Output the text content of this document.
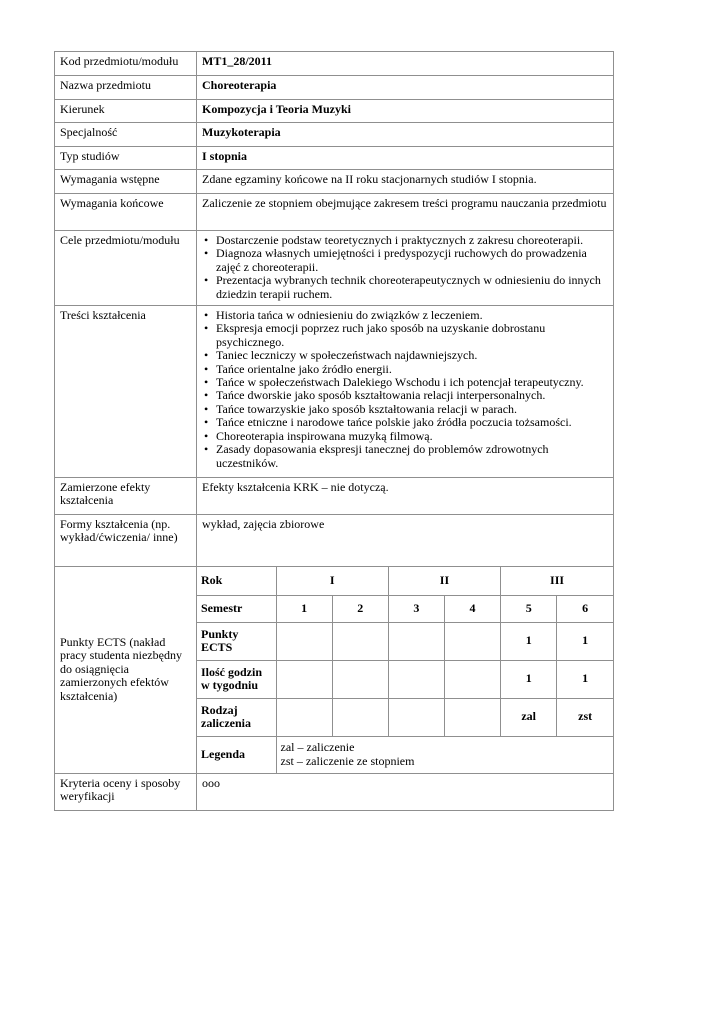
Kod przedmiotu/modułu	MT1_28/2011
Nazwa przedmiotu	Choreoterapia
Kierunek	Kompozycja i Teoria Muzyki
Specjalność	Muzykoterapia
Typ studiów	I stopnia
Wymagania wstępne	Zdane egzaminy końcowe na II roku stacjonarnych studiów I stopnia.
Wymagania końcowe	Zaliczenie ze stopniem obejmujące zakresem treści programu nauczania przedmiotu
Cele przedmiotu/modułu	
•Dostarczenie podstaw teoretycznych i praktycznych z zakresu choreoterapii.
• Diagnoza własnych umiejętności i predyspozycji ruchowych do prowadzenia zajęć z choreoterapii.
• Prezentacja wybranych technik choreoterapeutycznych w odniesieniu do innych dziedzin terapii ruchem.

Treści kształcenia	
•Historia tańca w odniesieniu do związków z leczeniem.
• Ekspresja emocji poprzez ruch jako sposób na uzyskanie dobrostanu psychicznego.
• Taniec leczniczy w społeczeństwach najdawniejszych.
• Tańce orientalne jako źródło energii.
• Tańce w społeczeństwach Dalekiego Wschodu i ich potencjał terapeutyczny.
• Tańce dworskie jako sposób kształtowania relacji interpersonalnych.
• Tańce towarzyskie jako sposób kształtowania relacji w parach.
• Tańce etniczne i narodowe tańce polskie jako źródła poczucia tożsamości.
• Choreoterapia inspirowana muzyką filmową.
• Zasady dopasowania ekspresji tanecznej do problemów zdrowotnych uczestników.

Zamierzone efekty kształcenia	Efekty kształcenia KRK – nie dotyczą.
Formy kształcenia (np. wykład/ćwiczenia/ inne)	wykład, zajęcia zbiorowe
Punkty ECTS (nakład pracy studenta niezbędny do osiągnięcia zamierzonych efektów kształcenia)	
Rok	I	II	III
Semestr	1	2	3	4	5	6
Punkty ECTS					1	1
Ilość godzin w tygodniu					1	1
Rodzaj zaliczenia					zal	zst
Legenda	zal – zaliczenie
zst – zaliczenie ze stopniem

Kryteria oceny i sposoby weryfikacji	ooo
